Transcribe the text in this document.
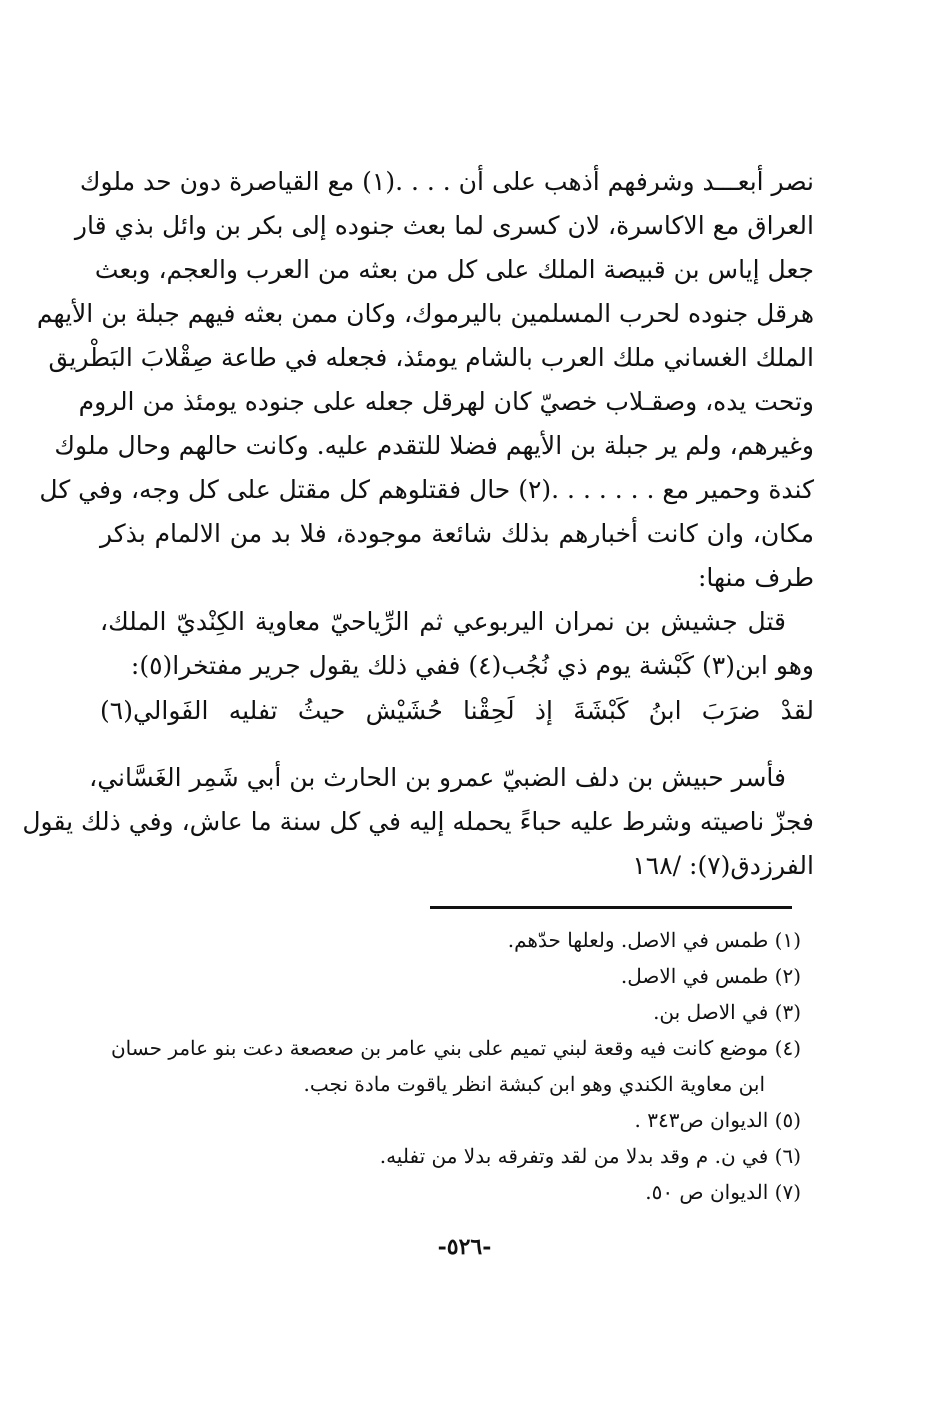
نصر أبعـــد وشرفهم أذهب على أن . . . .(١) مع القياصرة دون حد ملوك
العراق مع الاكاسرة، لان كسرى لما بعث جنوده إلى بكر بن وائل بذي قار
جعل إياس بن قبيصة الملك على كل من بعثه من العرب والعجم، وبعث
هرقل جنوده لحرب المسلمين باليرموك، وكان ممن بعثه فيهم جبلة بن الأيهم
الملك الغساني ملك العرب بالشام يومئذ، فجعله في طاعة صِقْلابَ البَطْريق
وتحت يده، وصقـلاب خصيّ كان لهرقل جعله على جنوده يومئذ من الروم
وغيرهم، ولم ير جبلة بن الأيهم فضلا للتقدم عليه. وكانت حالهم وحال ملوك
كندة وحمير مع . . . . . . .(٢) حال فقتلوهم كل مقتل على كل وجه، وفي كل
مكان، وان كانت أخبارهم بذلك شائعة موجودة، فلا بد من الالمام بذكر
طرف منها:
قتل جشيش بن نمران اليربوعي ثم الرِّياحيّ معاوية الكِنْديّ الملك،
وهو ابن(٣) كَبْشة يوم ذي نُجُب(٤) ففي ذلك يقول جرير مفتخرا(٥):
لقدْ ضرَبَ ابنُ كَبْشَةَ إذ لَحِقْنا حُشَيْش حيثُ تفليه الفَوالي(٦)
فأسر حبيش بن دلف الضبيّ عمرو بن الحارث بن أبي شَمِر الغَسَّاني،
فجزّ ناصيته وشرط عليه حباءً يحمله إليه في كل سنة ما عاش، وفي ذلك يقول
الفرزدق(٧): /١٦٨
(١) طمس في الاصل. ولعلها حدّهم.
(٢) طمس في الاصل.
(٣) في الاصل بن.
(٤) موضع كانت فيه وقعة لبني تميم على بني عامر بن صعصعة دعت بنو عامر حسان
ابن معاوية الكندي وهو ابن كبشة انظر ياقوت مادة نجب.
(٥) الديوان ص٣٤٣ .
(٦) في ن. م وقد بدلا من لقد وتفرقه بدلا من تفليه.
(٧) الديوان ص ٥٠.
-٥٢٦-
